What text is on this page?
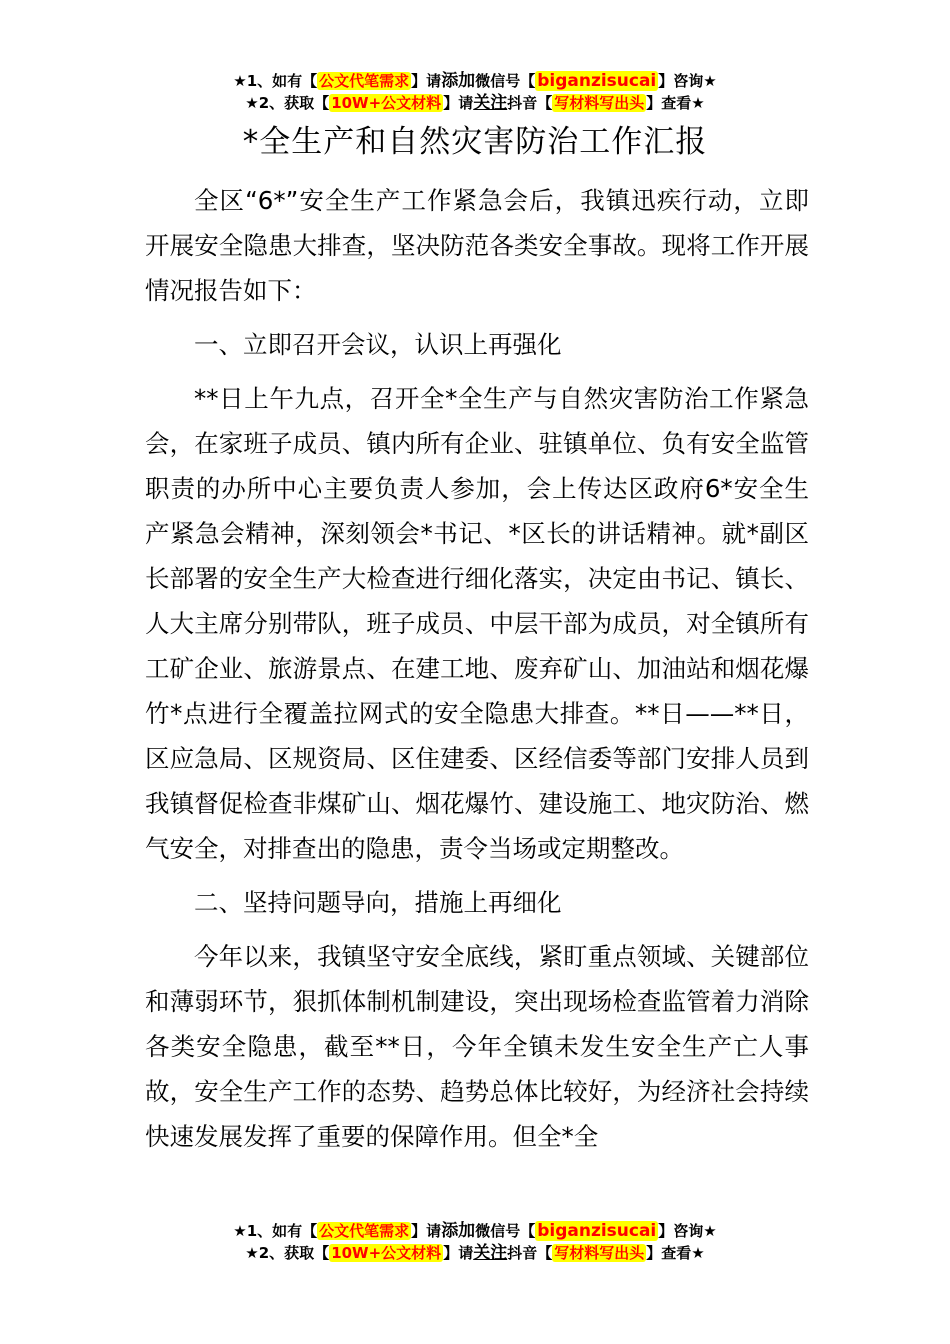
★1、如有【 公文代笔需求 】请添加微信号【 biganzisucai 】咨询★
★2、获取【 10W+公文材料 】请关注抖音【 写材料写出头 】查看★
*全生产和自然灾害防治工作汇报

全区“6*”安全生产工作紧急会后，我镇迅疾行动，立即开展安全隐患大排查，坚决防范各类安全事故。现将工作开展情况报告如下：

一、立即召开会议，认识上再强化

**日上午九点，召开全*全生产与自然灾害防治工作紧急会，在家班子成员、镇内所有企业、驻镇单位、负有安全监管职责的办所中心主要负责人参加，会上传达区政府6*安全生产紧急会精神，深刻领会*书记、*区长的讲话精神。就*副区长部署的安全生产大检查进行细化落实，决定由书记、镇长、人大主席分别带队，班子成员、中层干部为成员，对全镇所有工矿企业、旅游景点、在建工地、废弃矿山、加油站和烟花爆竹*点进行全覆盖拉网式的安全隐患大排查。**日——**日，区应急局、区规资局、区住建委、区经信委等部门安排人员到我镇督促检查非煤矿山、烟花爆竹、建设施工、地灾防治、燃气安全，对排查出的隐患，责令当场或定期整改。

二、坚持问题导向，措施上再细化

今年以来，我镇坚守安全底线，紧盯重点领域、关键部位和薄弱环节，狠抓体制机制建设，突出现场检查监管着力消除各类安全隐患，截至**日，今年全镇未发生安全生产亡人事故，安全生产工作的态势、趋势总体比较好，为经济社会持续快速发展发挥了重要的保障作用。但全*全

★1、如有【 公文代笔需求 】请添加微信号【 biganzisucai 】咨询★
★2、获取【 10W+公文材料 】请关注抖音【 写材料写出头 】查看★
